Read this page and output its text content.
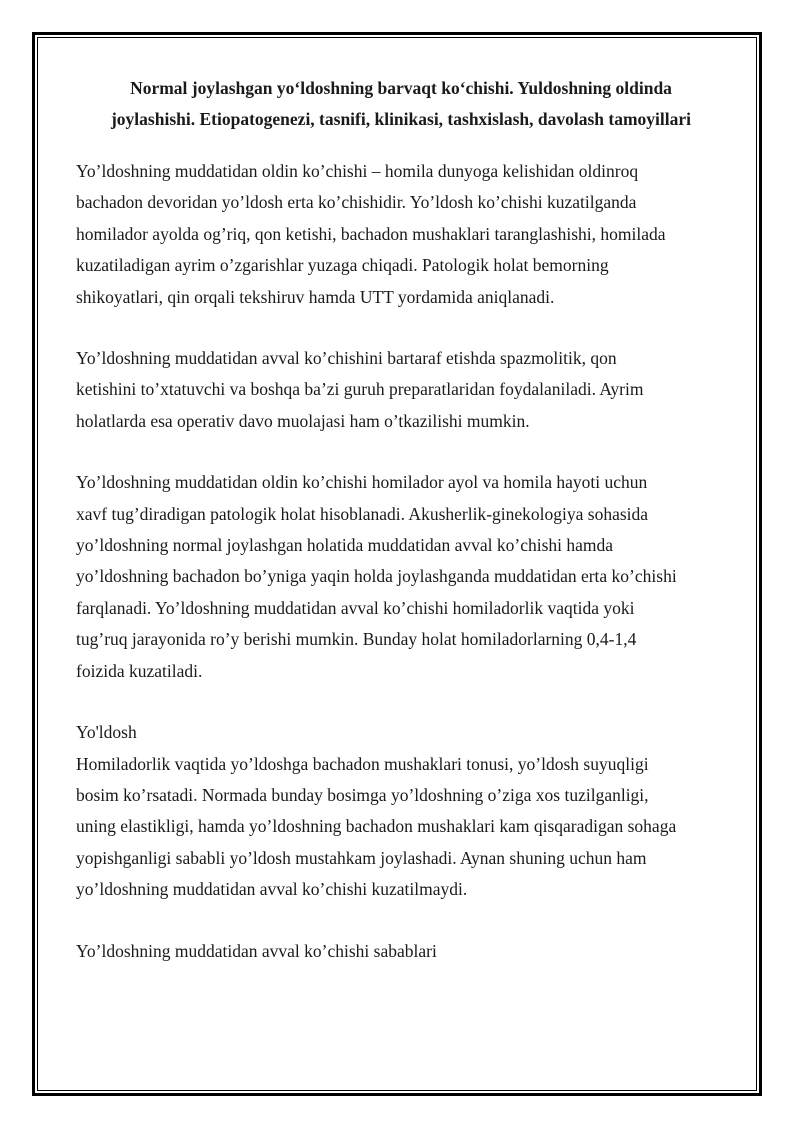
Normal joylashgan yo‘ldoshning barvaqt ko‘chishi. Yuldoshning oldinda
joylashishi. Etiopatogenezi, tasnifi, klinikasi, tashxislash, davolash tamoyillari

Yo’ldoshning muddatidan oldin ko’chishi – homila dunyoga kelishidan oldinroq
bachadon devoridan yo’ldosh erta ko’chishidir. Yo’ldosh ko’chishi kuzatilganda
homilador ayolda og’riq, qon ketishi, bachadon mushaklari taranglashishi, homilada
kuzatiladigan ayrim o’zgarishlar yuzaga chiqadi. Patologik holat bemorning
shikoyatlari, qin orqali tekshiruv hamda UTT yordamida aniqlanadi.

Yo’ldoshning muddatidan avval ko’chishini bartaraf etishda spazmolitik, qon
ketishini to’xtatuvchi va boshqa ba’zi guruh preparatlaridan foydalaniladi. Ayrim
holatlarda esa operativ davo muolajasi ham o’tkazilishi mumkin.

Yo’ldoshning muddatidan oldin ko’chishi homilador ayol va homila hayoti uchun
xavf tug’diradigan patologik holat hisoblanadi. Akusherlik-ginekologiya sohasida
yo’ldoshning normal joylashgan holatida muddatidan avval ko’chishi hamda
yo’ldoshning bachadon bo’yniga yaqin holda joylashganda muddatidan erta ko’chishi
farqlanadi. Yo’ldoshning muddatidan avval ko’chishi homiladorlik vaqtida yoki
tug’ruq jarayonida ro’y berishi mumkin. Bunday holat homiladorlarning 0,4-1,4
foizida kuzatiladi.

Yo'ldosh
Homiladorlik vaqtida yo’ldoshga bachadon mushaklari tonusi, yo’ldosh suyuqligi
bosim ko’rsatadi. Normada bunday bosimga yo’ldoshning o’ziga xos tuzilganligi,
uning elastikligi, hamda yo’ldoshning bachadon mushaklari kam qisqaradigan sohaga
yopishganligi sababli yo’ldosh mustahkam joylashadi. Aynan shuning uchun ham
yo’ldoshning muddatidan avval ko’chishi kuzatilmaydi.

Yo’ldoshning muddatidan avval ko’chishi sabablari
